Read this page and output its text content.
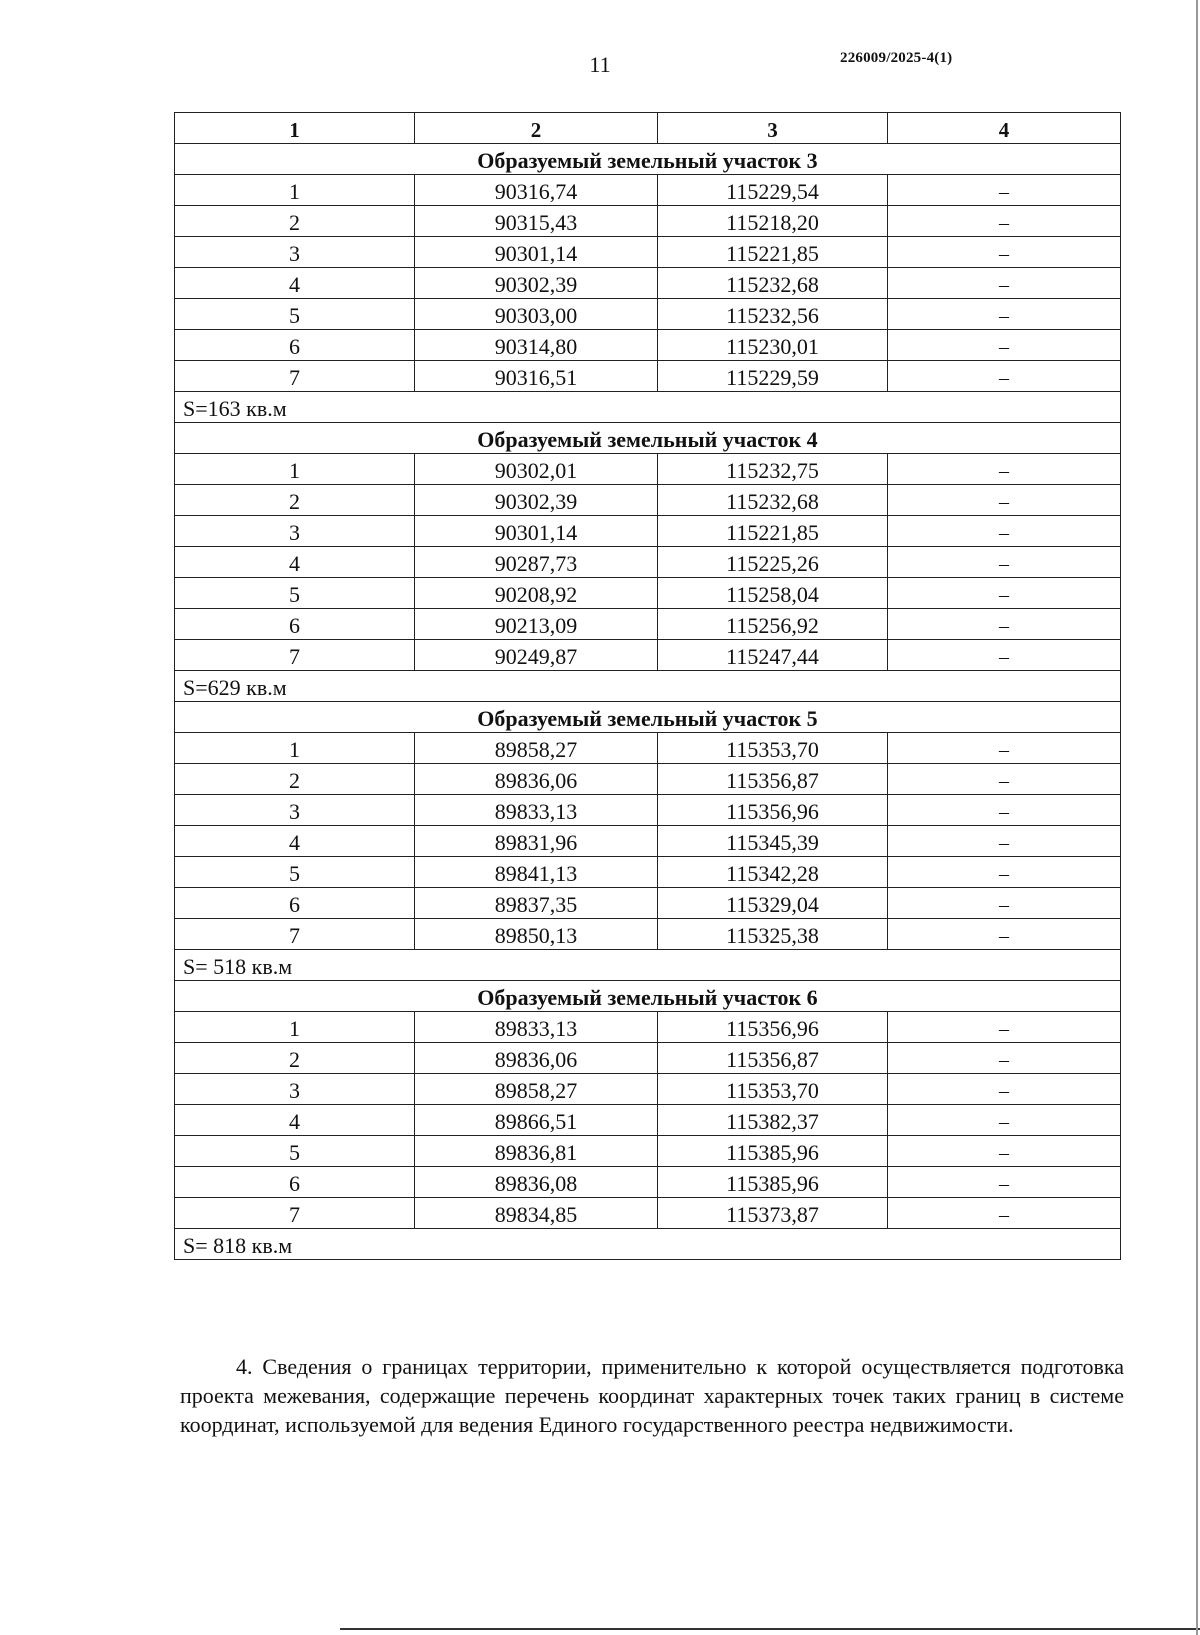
11	226009/2025-4(1)
1	2	3	4
Образуемый земельный участок 3			
1	90316,74	115229,54	–
2	90315,43	115218,20	–
3	90301,14	115221,85	–
4	90302,39	115232,68	–
5	90303,00	115232,56	–
6	90314,80	115230,01	–
7	90316,51	115229,59	–
S=163 кв.м			
Образуемый земельный участок 4			
1	90302,01	115232,75	–
2	90302,39	115232,68	–
3	90301,14	115221,85	–
4	90287,73	115225,26	–
5	90208,92	115258,04	–
6	90213,09	115256,92	–
7	90249,87	115247,44	–
S=629 кв.м			
Образуемый земельный участок 5			
1	89858,27	115353,70	–
2	89836,06	115356,87	–
3	89833,13	115356,96	–
4	89831,96	115345,39	–
5	89841,13	115342,28	–
6	89837,35	115329,04	–
7	89850,13	115325,38	–
S= 518 кв.м			
Образуемый земельный участок 6			
1	89833,13	115356,96	–
2	89836,06	115356,87	–
3	89858,27	115353,70	–
4	89866,51	115382,37	–
5	89836,81	115385,96	–
6	89836,08	115385,96	–
7	89834,85	115373,87	–
S= 818 кв.м			
4. Сведения о границах территории, применительно к которой осуществляется подготовка проекта межевания, содержащие перечень координат характерных точек таких границ в системе координат, используемой для ведения Единого государственного реестра недвижимости.
